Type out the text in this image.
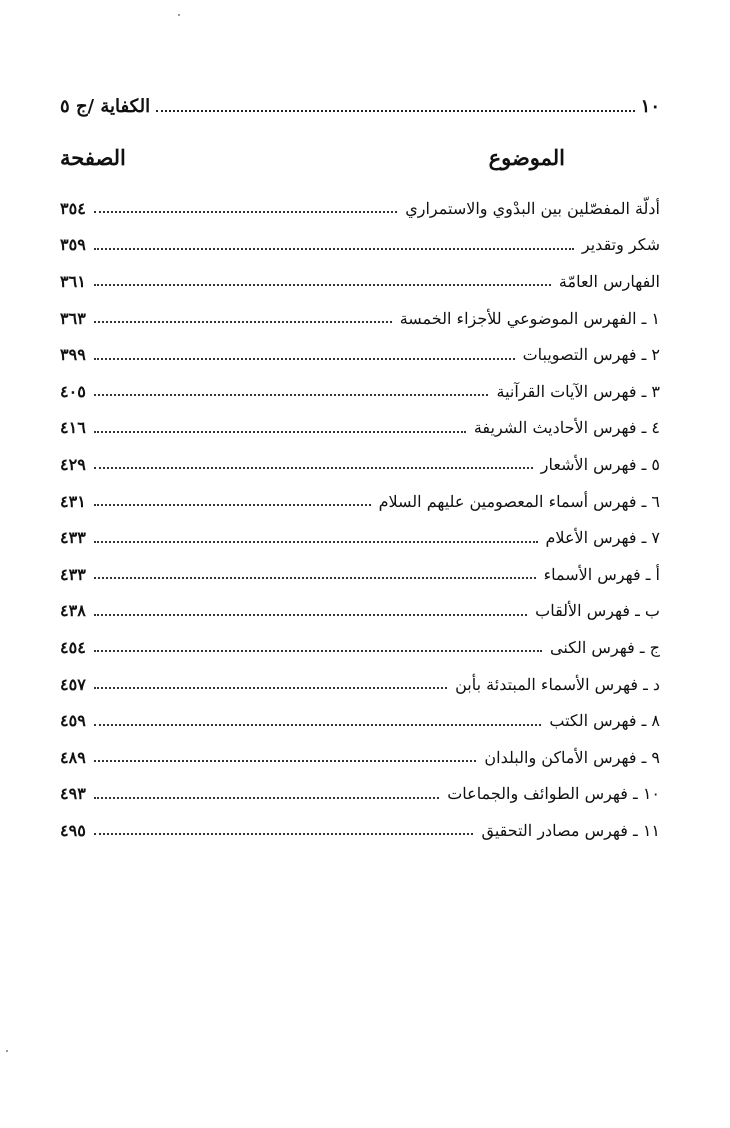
١٠
الكفاية /ج ٥
الموضوع
الصفحة
أدلّة المفصّلين بين البدْوي والاستمراري
٣٥٤
شكر وتقدير
٣٥٩
الفهارس العامّة
٣٦١
١ ـ الفهرس الموضوعي للأجزاء الخمسة
٣٦٣
٢ ـ فهرس التصويبات
٣٩٩
٣ ـ فهرس الآيات القرآنية
٤٠٥
٤ ـ فهرس الأحاديث الشريفة
٤١٦
٥ ـ فهرس الأشعار
٤٢٩
٦ ـ فهرس أسماء المعصومين عليهم السلام
٤٣١
٧ ـ فهرس الأعلام
٤٣٣
أ ـ فهرس الأسماء
٤٣٣
ب ـ فهرس الألقاب
٤٣٨
ج ـ فهرس الكنى
٤٥٤
د ـ فهرس الأسماء المبتدئة بأبن
٤٥٧
٨ ـ فهرس الكتب
٤٥٩
٩ ـ فهرس الأماكن والبلدان
٤٨٩
١٠ ـ فهرس الطوائف والجماعات
٤٩٣
١١ ـ فهرس مصادر التحقيق
٤٩٥
